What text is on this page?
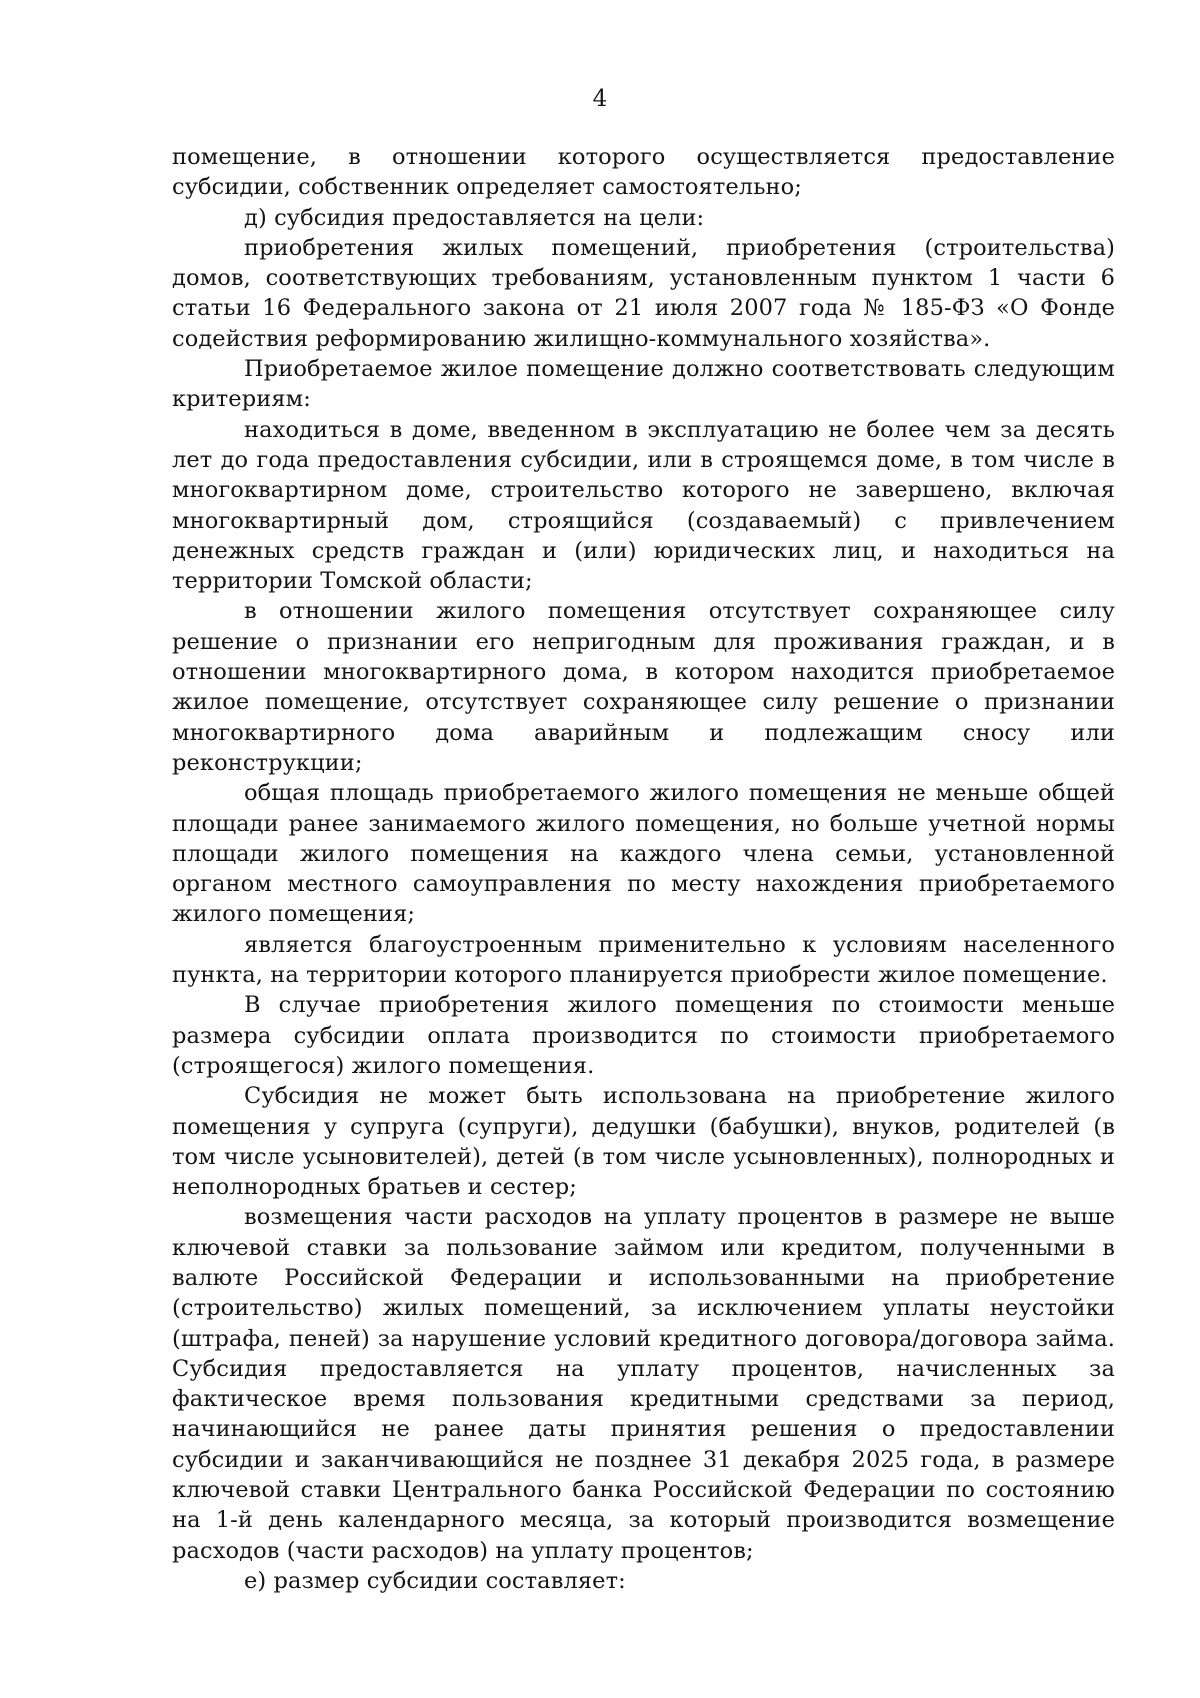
4

помещение, в отношении которого осуществляется предоставление субсидии, собственник определяет самостоятельно;

д) субсидия предоставляется на цели:

приобретения жилых помещений, приобретения (строительства) домов, соответствующих требованиям, установленным пунктом 1 части 6 статьи 16 Федерального закона от 21 июля 2007 года № 185-ФЗ «О Фонде содействия реформированию жилищно-коммунального хозяйства».

Приобретаемое жилое помещение должно соответствовать следующим критериям:

находиться в доме, введенном в эксплуатацию не более чем за десять лет до года предоставления субсидии, или в строящемся доме, в том числе в многоквартирном доме, строительство которого не завершено, включая многоквартирный дом, строящийся (создаваемый) с привлечением денежных средств граждан и (или) юридических лиц, и находиться на территории Томской области;

в отношении жилого помещения отсутствует сохраняющее силу решение о признании его непригодным для проживания граждан, и в отношении многоквартирного дома, в котором находится приобретаемое жилое помещение, отсутствует сохраняющее силу решение о признании многоквартирного дома аварийным и подлежащим сносу или реконструкции;

общая площадь приобретаемого жилого помещения не меньше общей площади ранее занимаемого жилого помещения, но больше учетной нормы площади жилого помещения на каждого члена семьи, установленной органом местного самоуправления по месту нахождения приобретаемого жилого помещения;

является благоустроенным применительно к условиям населенного пункта, на территории которого планируется приобрести жилое помещение.

В случае приобретения жилого помещения по стоимости меньше размера субсидии оплата производится по стоимости приобретаемого (строящегося) жилого помещения.

Субсидия не может быть использована на приобретение жилого помещения у супруга (супруги), дедушки (бабушки), внуков, родителей (в том числе усыновителей), детей (в том числе усыновленных), полнородных и неполнородных братьев и сестер;

возмещения части расходов на уплату процентов в размере не выше ключевой ставки за пользование займом или кредитом, полученными в валюте Российской Федерации и использованными на приобретение (строительство) жилых помещений, за исключением уплаты неустойки (штрафа, пеней) за нарушение условий кредитного договора/договора займа. Субсидия предоставляется на уплату процентов, начисленных за фактическое время пользования кредитными средствами за период, начинающийся не ранее даты принятия решения о предоставлении субсидии и заканчивающийся не позднее 31 декабря 2025 года, в размере ключевой ставки Центрального банка Российской Федерации по состоянию на 1-й день календарного месяца, за который производится возмещение расходов (части расходов) на уплату процентов;

е) размер субсидии составляет:
